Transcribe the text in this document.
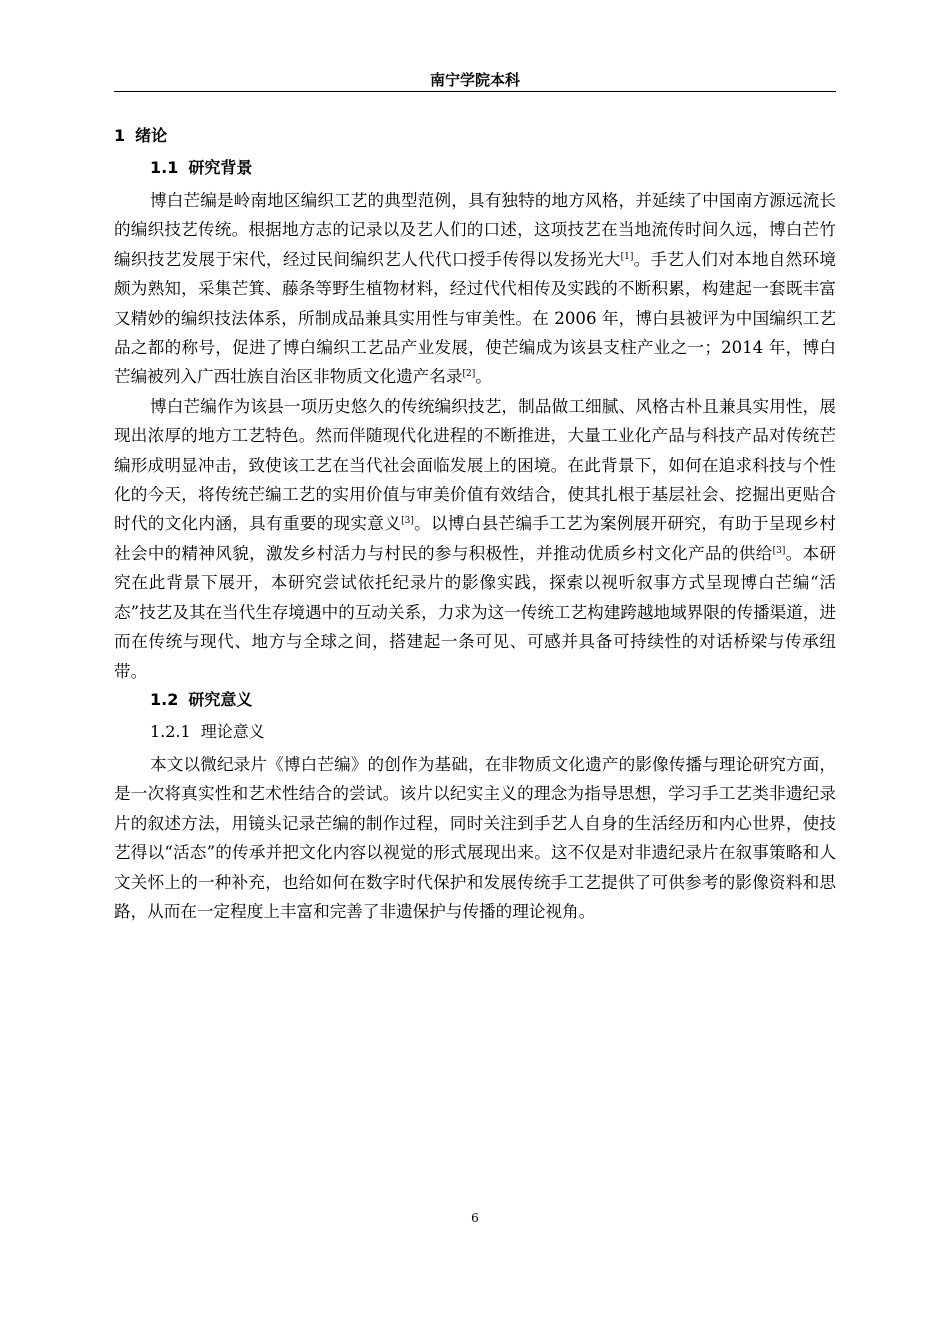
南宁学院本科
1 绪论
1.1 研究背景

博白芒编是岭南地区编织工艺的典型范例，具有独特的地方风格，并延续了中国南方源远流长的编织技艺传统。根据地方志的记录以及艺人们的口述，这项技艺在当地流传时间久远，博白芒竹编织技艺发展于宋代，经过民间编织艺人代代口授手传得以发扬光大[1]。手艺人们对本地自然环境颇为熟知，采集芒箕、藤条等野生植物材料，经过代代相传及实践的不断积累，构建起一套既丰富又精妙的编织技法体系，所制成品兼具实用性与审美性。在 2006 年，博白县被评为中国编织工艺品之都的称号，促进了博白编织工艺品产业发展，使芒编成为该县支柱产业之一；2014 年，博白芒编被列入广西壮族自治区非物质文化遗产名录[2]。

博白芒编作为该县一项历史悠久的传统编织技艺，制品做工细腻、风格古朴且兼具实用性，展现出浓厚的地方工艺特色。然而伴随现代化进程的不断推进，大量工业化产品与科技产品对传统芒编形成明显冲击，致使该工艺在当代社会面临发展上的困境。在此背景下，如何在追求科技与个性化的今天，将传统芒编工艺的实用价值与审美价值有效结合，使其扎根于基层社会、挖掘出更贴合时代的文化内涵，具有重要的现实意义[3]。以博白县芒编手工艺为案例展开研究，有助于呈现乡村社会中的精神风貌，激发乡村活力与村民的参与积极性，并推动优质乡村文化产品的供给[3]。本研究在此背景下展开，本研究尝试依托纪录片的影像实践，探索以视听叙事方式呈现博白芒编“活态”技艺及其在当代生存境遇中的互动关系，力求为这一传统工艺构建跨越地域界限的传播渠道，进而在传统与现代、地方与全球之间，搭建起一条可见、可感并具备可持续性的对话桥梁与传承纽带。

1.2 研究意义
1.2.1 理论意义

本文以微纪录片《博白芒编》的创作为基础，在非物质文化遗产的影像传播与理论研究方面，是一次将真实性和艺术性结合的尝试。该片以纪实主义的理念为指导思想，学习手工艺类非遗纪录片的叙述方法，用镜头记录芒编的制作过程，同时关注到手艺人自身的生活经历和内心世界，使技艺得以“活态”的传承并把文化内容以视觉的形式展现出来。这不仅是对非遗纪录片在叙事策略和人文关怀上的一种补充，也给如何在数字时代保护和发展传统手工艺提供了可供参考的影像资料和思路，从而在一定程度上丰富和完善了非遗保护与传播的理论视角。

6
